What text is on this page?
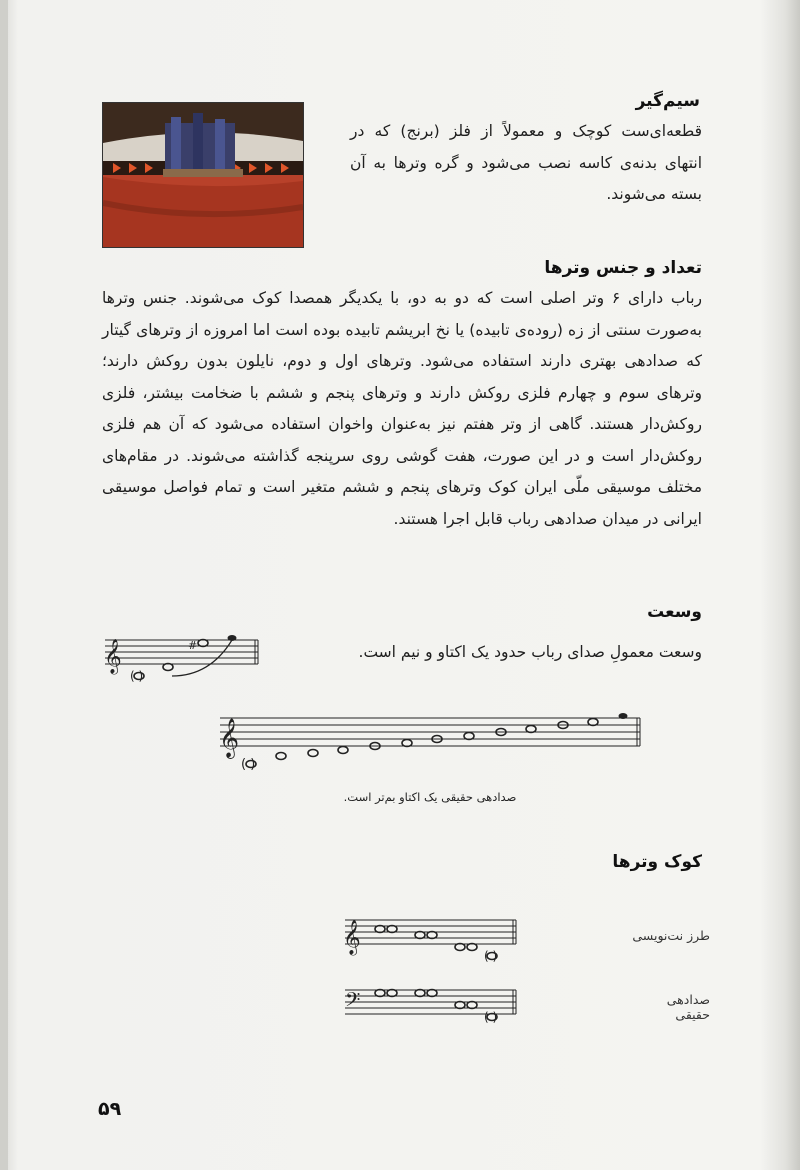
سیم‌گیر

قطعه‌ای‌ست کوچک و معمولاً از فلز (برنج) که در انتهای بدنه‌ی کاسه نصب می‌شود و گره وترها به آن بسته می‌شوند.

تعداد و جنس وترها

رباب دارای ۶ وتر اصلی است که دو به دو، با یکدیگر همصدا کوک می‌شوند. جنس وترها به‌صورت سنتی از زه (روده‌ی تابیده) یا نخ ابریشم تابیده بوده است اما امروزه از وترهای گیتار که صدادهی بهتری دارند استفاده می‌شود. وترهای اول و دوم، نایلون بدون روکش دارند؛ وترهای سوم و چهارم فلزی روکش دارند و وترهای پنجم و ششم با ضخامت بیشتر، فلزی روکش‌دار هستند. گاهی از وتر هفتم نیز به‌عنوان واخوان استفاده می‌شود که آن هم فلزی روکش‌دار است و در این صورت، هفت گوشی روی سرپنجه گذاشته می‌شوند. در مقام‌های مختلف موسیقی ملّی ایران کوک وترهای پنجم و ششم متغیر است و تمام فواصل موسیقی ایرانی در میدان صدادهی رباب قابل اجرا هستند.

وسعت

وسعت معمولِ صدای رباب حدود یک اکتاو و نیم است.

𝄞
( )
#
𝄞
( )
صدادهی حقیقی یک اکتاو بم‌تر است.
کوک وترها
طرز نت‌نویسی
𝄞
( )
صدادهی حقیقی
𝄢
( )
۵۹
